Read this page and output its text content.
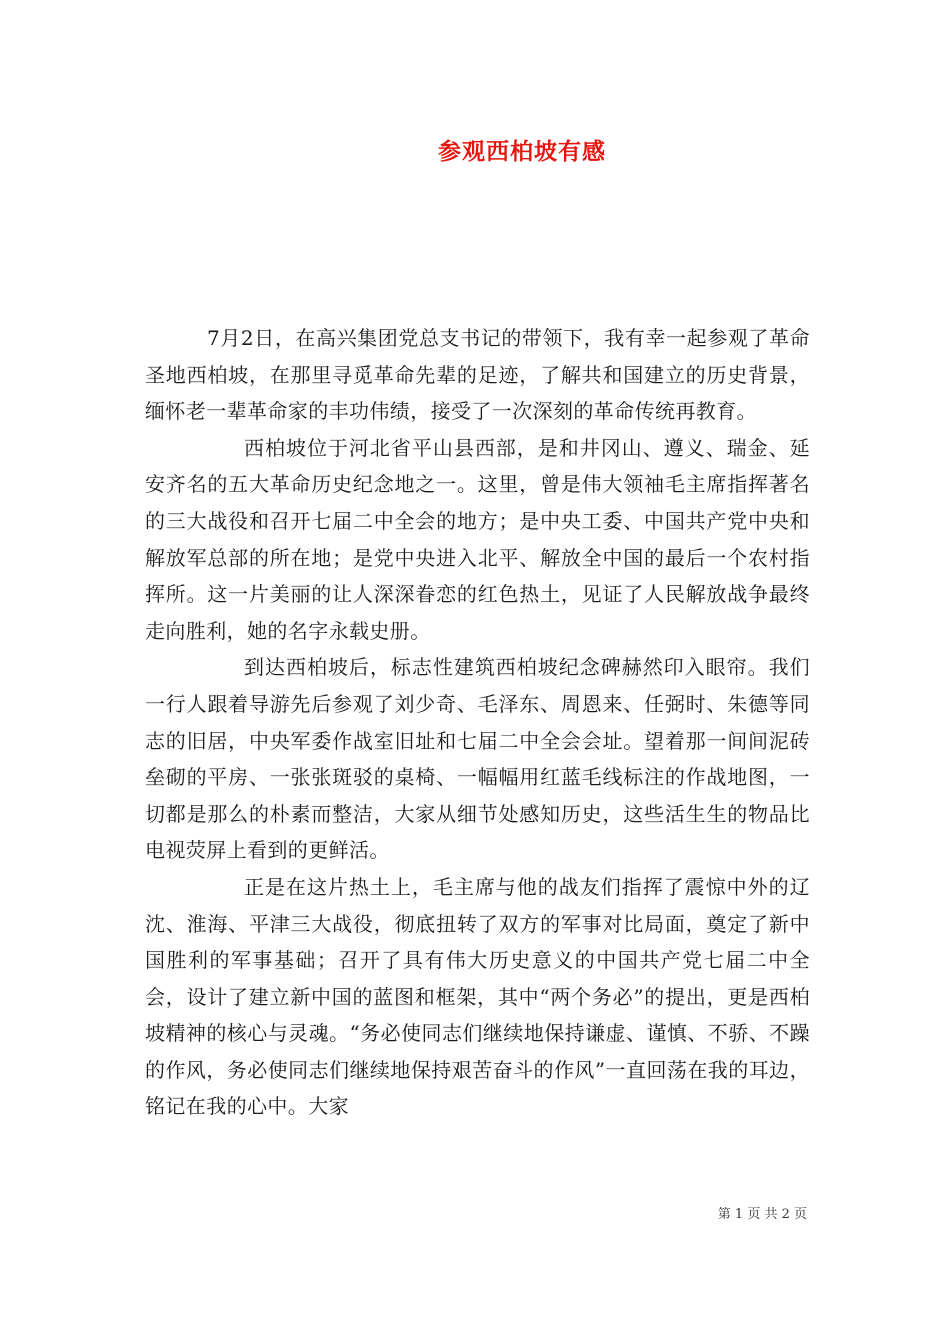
参观西柏坡有感

7月2日，在高兴集团党总支书记的带领下，我有幸一起参观了革命圣地西柏坡，在那里寻觅革命先辈的足迹，了解共和国建立的历史背景，缅怀老一辈革命家的丰功伟绩，接受了一次深刻的革命传统再教育。

西柏坡位于河北省平山县西部，是和井冈山、遵义、瑞金、延安齐名的五大革命历史纪念地之一。这里，曾是伟大领袖毛主席指挥著名的三大战役和召开七届二中全会的地方；是中央工委、中国共产党中央和解放军总部的所在地；是党中央进入北平、解放全中国的最后一个农村指挥所。这一片美丽的让人深深眷恋的红色热土，见证了人民解放战争最终走向胜利，她的名字永载史册。

到达西柏坡后，标志性建筑西柏坡纪念碑赫然印入眼帘。我们一行人跟着导游先后参观了刘少奇、毛泽东、周恩来、任弼时、朱德等同志的旧居，中央军委作战室旧址和七届二中全会会址。望着那一间间泥砖垒砌的平房、一张张斑驳的桌椅、一幅幅用红蓝毛线标注的作战地图，一切都是那么的朴素而整洁，大家从细节处感知历史，这些活生生的物品比电视荧屏上看到的更鲜活。

正是在这片热土上，毛主席与他的战友们指挥了震惊中外的辽沈、淮海、平津三大战役，彻底扭转了双方的军事对比局面，奠定了新中国胜利的军事基础；召开了具有伟大历史意义的中国共产党七届二中全会，设计了建立新中国的蓝图和框架，其中“两个务必”的提出，更是西柏坡精神的核心与灵魂。“务必使同志们继续地保持谦虚、谨慎、不骄、不躁的作风，务必使同志们继续地保持艰苦奋斗的作风”一直回荡在我的耳边，铭记在我的心中。大家

第 1 页 共 2 页
